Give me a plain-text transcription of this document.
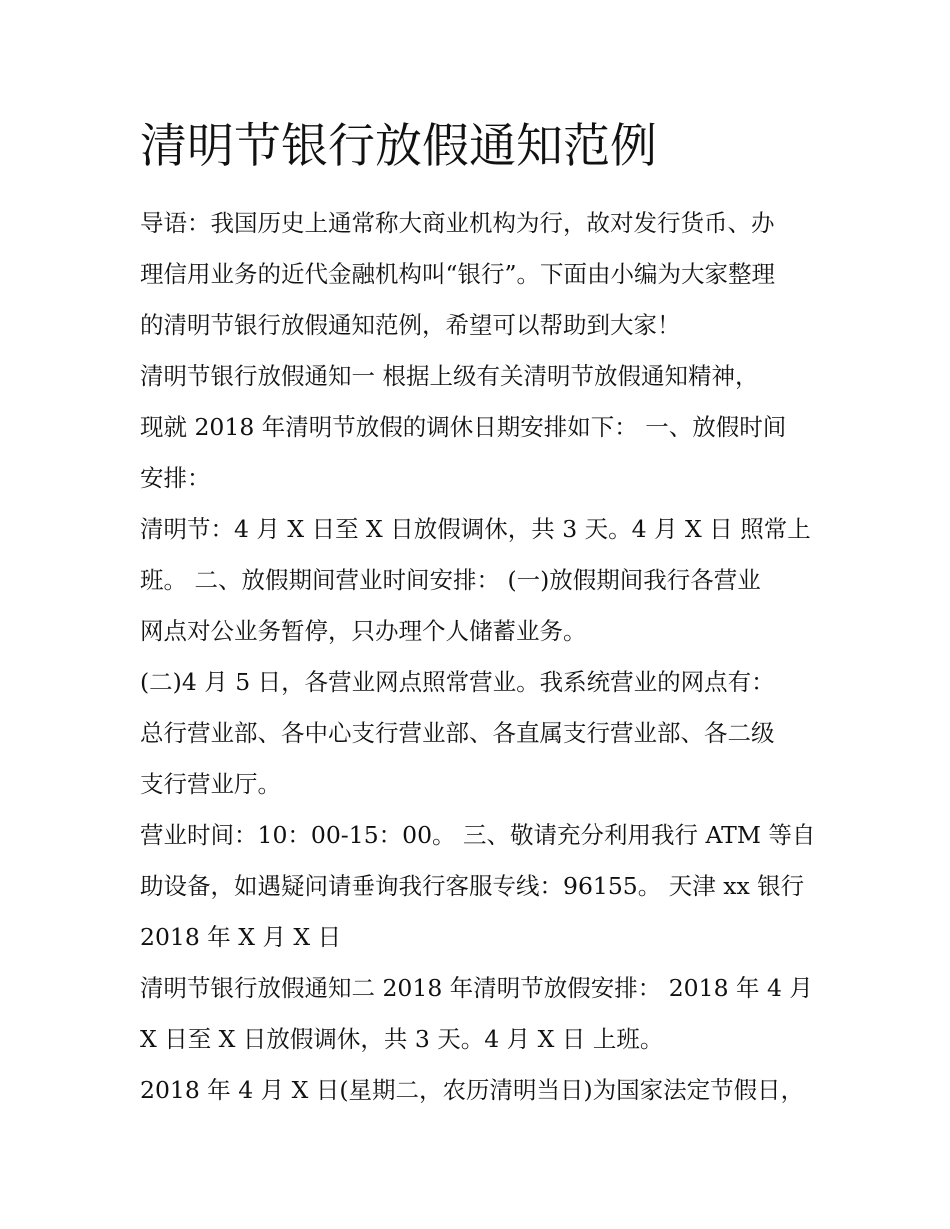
清明节银行放假通知范例
导语：我国历史上通常称大商业机构为行，故对发行货币、办
理信用业务的近代金融机构叫“银行”。下面由小编为大家整理
的清明节银行放假通知范例，希望可以帮助到大家！
清明节银行放假通知一 根据上级有关清明节放假通知精神，
现就 2018 年清明节放假的调休日期安排如下： 一、放假时间
安排：
清明节：4 月 X 日至 X 日放假调休，共 3 天。4 月 X 日 照常上
班。 二、放假期间营业时间安排： (一)放假期间我行各营业
网点对公业务暂停，只办理个人储蓄业务。
(二)4 月 5 日，各营业网点照常营业。我系统营业的网点有：
总行营业部、各中心支行营业部、各直属支行营业部、各二级
支行营业厅。
营业时间：10：00-15：00。 三、敬请充分利用我行 ATM 等自
助设备，如遇疑问请垂询我行客服专线：96155。 天津 xx 银行
2018 年 X 月 X 日
清明节银行放假通知二 2018 年清明节放假安排： 2018 年 4 月
X 日至 X 日放假调休，共 3 天。4 月 X 日 上班。
2018 年 4 月 X 日(星期二，农历清明当日)为国家法定节假日，
